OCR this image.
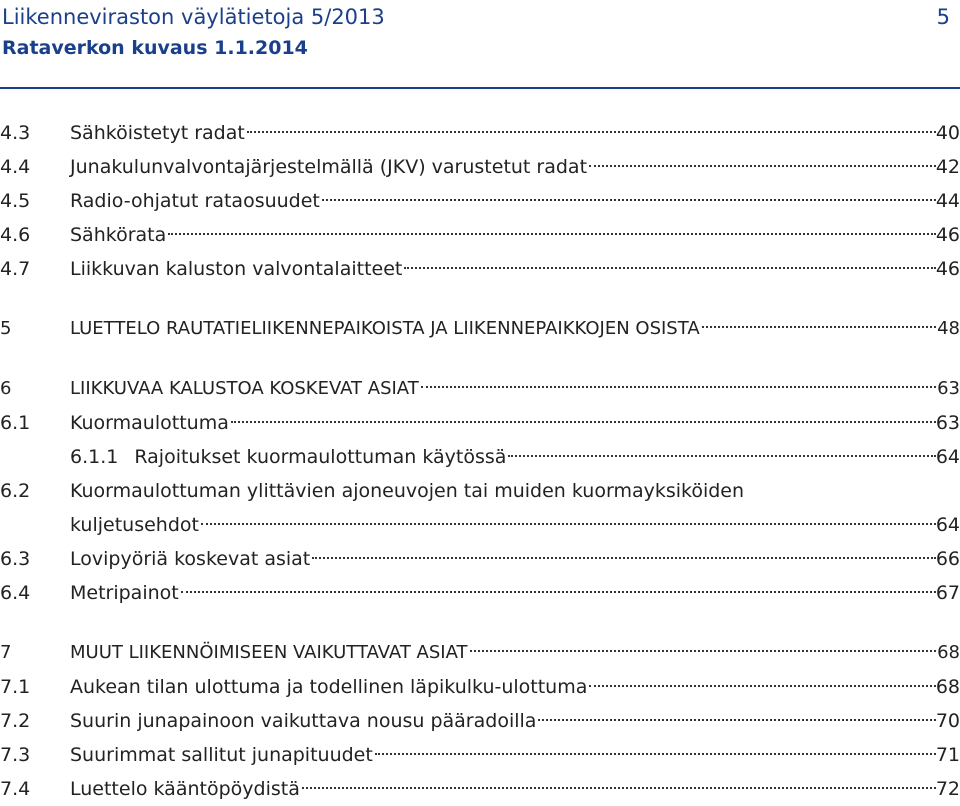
Liikenneviraston väylätietoja 5/2013
Rataverkon kuvaus 1.1.2014
5
4.3 Sähköistetyt radat	40
4.4 Junakulunvalvontajärjestelmällä (JKV) varustetut radat	42
4.5 Radio-ohjatut rataosuudet	44
4.6 Sähkörata	46
4.7 Liikkuvan kaluston valvontalaitteet	46
5	LUETTELO RAUTATIELIIKENNEPAIKOISTA JA LIIKENNEPAIKKOJEN OSISTA	48
6	LIIKKUVAA KALUSTOA KOSKEVAT ASIAT	63
6.1 Kuormaulottuma	63
6.1.1 Rajoitukset kuormaulottuman käytössä	64
6.2 Kuormaulottuman ylittävien ajoneuvojen tai muiden kuormayksiköiden
kuljetusehdot	64
6.3 Lovipyöriä koskevat asiat	66
6.4 Metripainot	67
7	MUUT LIIKENNÖIMISEEN VAIKUTTAVAT ASIAT	68
7.1 Aukean tilan ulottuma ja todellinen läpikulku-ulottuma	68
7.2 Suurin junapainoon vaikuttava nousu pääradoilla	70
7.3 Suurimmat sallitut junapituudet	71
7.4 Luettelo kääntöpöydistä	72
